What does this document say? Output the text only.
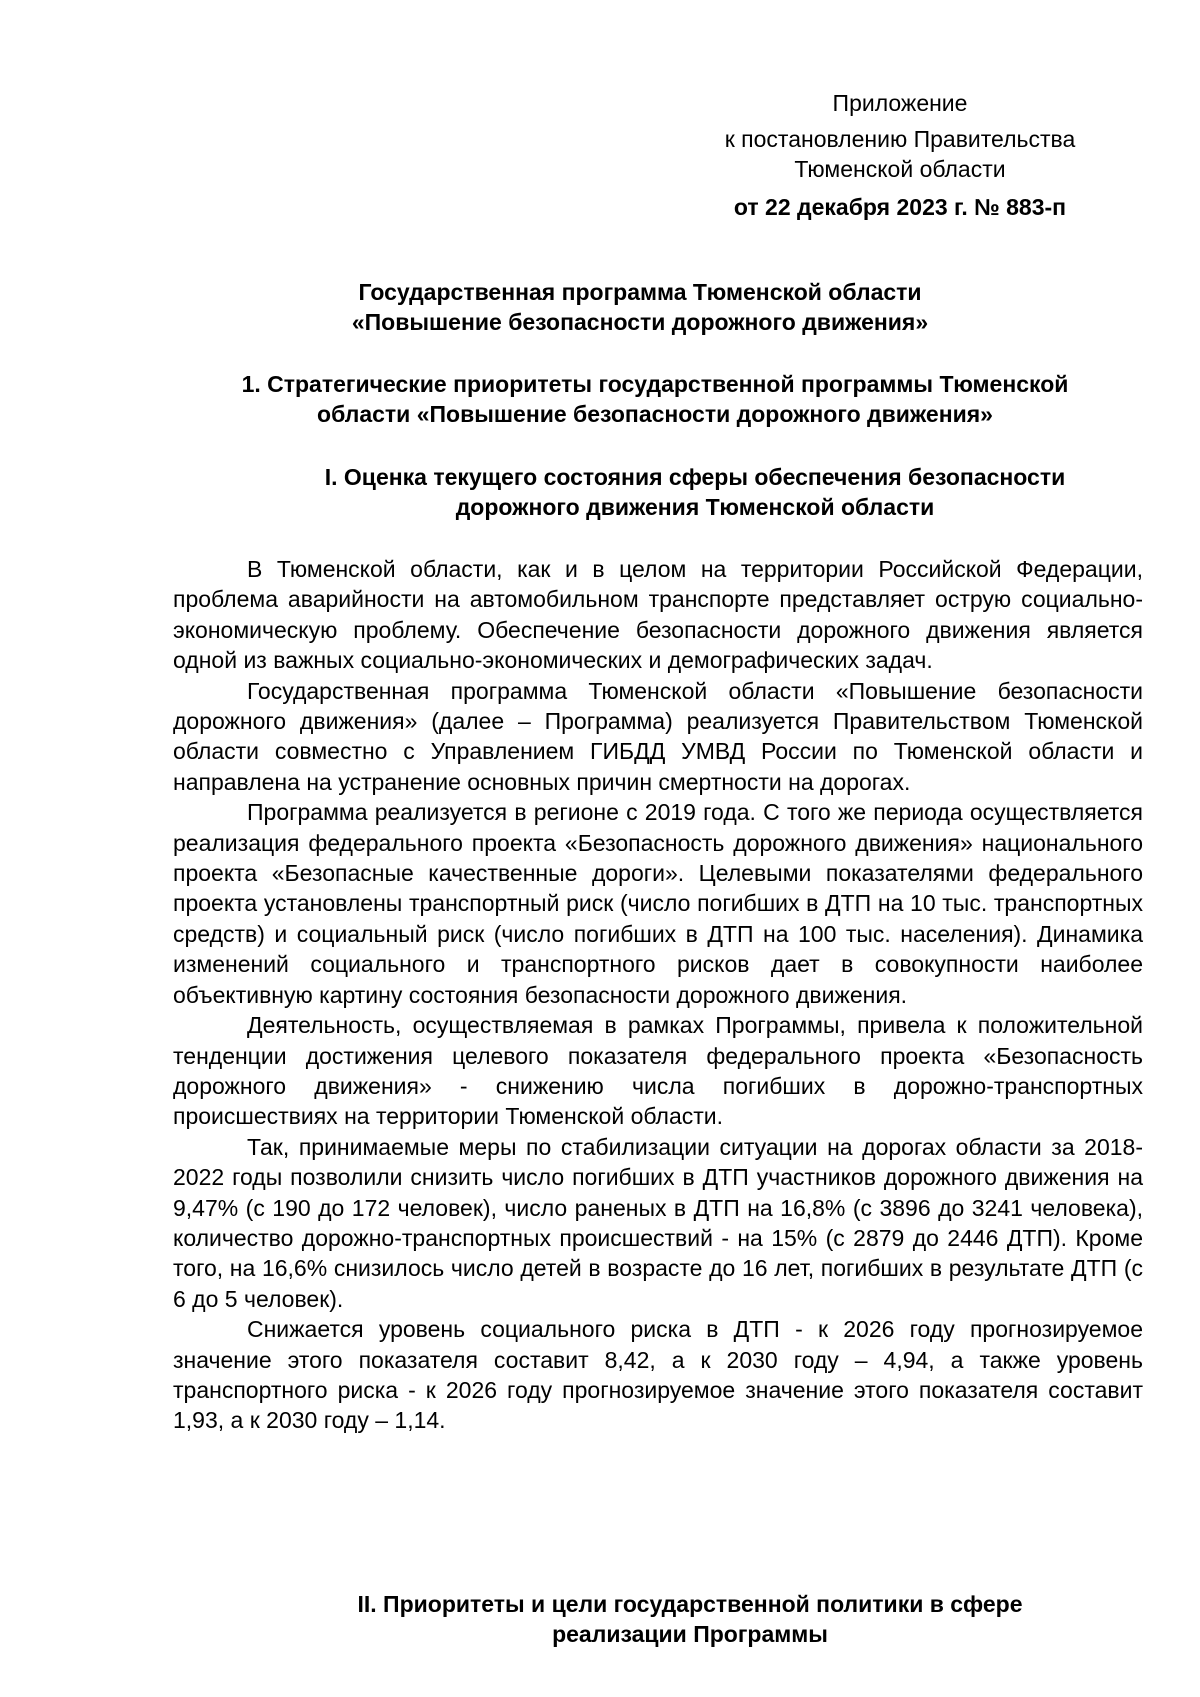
Приложение
к постановлению Правительства
Тюменской области
от 22 декабря 2023 г. № 883-п
Государственная программа Тюменской области
«Повышение безопасности дорожного движения»
1. Стратегические приоритеты государственной программы Тюменской
области «Повышение безопасности дорожного движения»
I. Оценка текущего состояния сферы обеспечения безопасности
дорожного движения Тюменской области

В Тюменской области, как и в целом на территории Российской Федерации, проблема аварийности на автомобильном транспорте представляет острую социально-экономическую проблему. Обеспечение безопасности дорожного движения является одной из важных социально-экономических и демографических задач.

Государственная программа Тюменской области «Повышение безопасности дорожного движения» (далее – Программа) реализуется Правительством Тюменской области совместно с Управлением ГИБДД УМВД России по Тюменской области и направлена на устранение основных причин смертности на дорогах.

Программа реализуется в регионе с 2019 года. С того же периода осуществляется реализация федерального проекта «Безопасность дорожного движения» национального проекта «Безопасные качественные дороги». Целевыми показателями федерального проекта установлены транспортный риск (число погибших в ДТП на 10 тыс. транспортных средств) и социальный риск (число погибших в ДТП на 100 тыс. населения). Динамика изменений социального и транспортного рисков дает в совокупности наиболее объективную картину состояния безопасности дорожного движения.

Деятельность, осуществляемая в рамках Программы, привела к положительной тенденции достижения целевого показателя федерального проекта «Безопасность дорожного движения» - снижению числа погибших в дорожно-транспортных происшествиях на территории Тюменской области.

Так, принимаемые меры по стабилизации ситуации на дорогах области за 2018-2022 годы позволили снизить число погибших в ДТП участников дорожного движения на 9,47% (с 190 до 172 человек), число раненых в ДТП на 16,8% (с 3896 до 3241 человека), количество дорожно-транспортных происшествий - на 15% (с 2879 до 2446 ДТП). Кроме того, на 16,6% снизилось число детей в возрасте до 16 лет, погибших в результате ДТП (с 6 до 5 человек).

Снижается уровень социального риска в ДТП - к 2026 году прогнозируемое значение этого показателя составит 8,42, а к 2030 году – 4,94, а также уровень транспортного риска - к 2026 году прогнозируемое значение этого показателя составит 1,93, а к 2030 году – 1,14.

II. Приоритеты и цели государственной политики в сфере
реализации Программы
